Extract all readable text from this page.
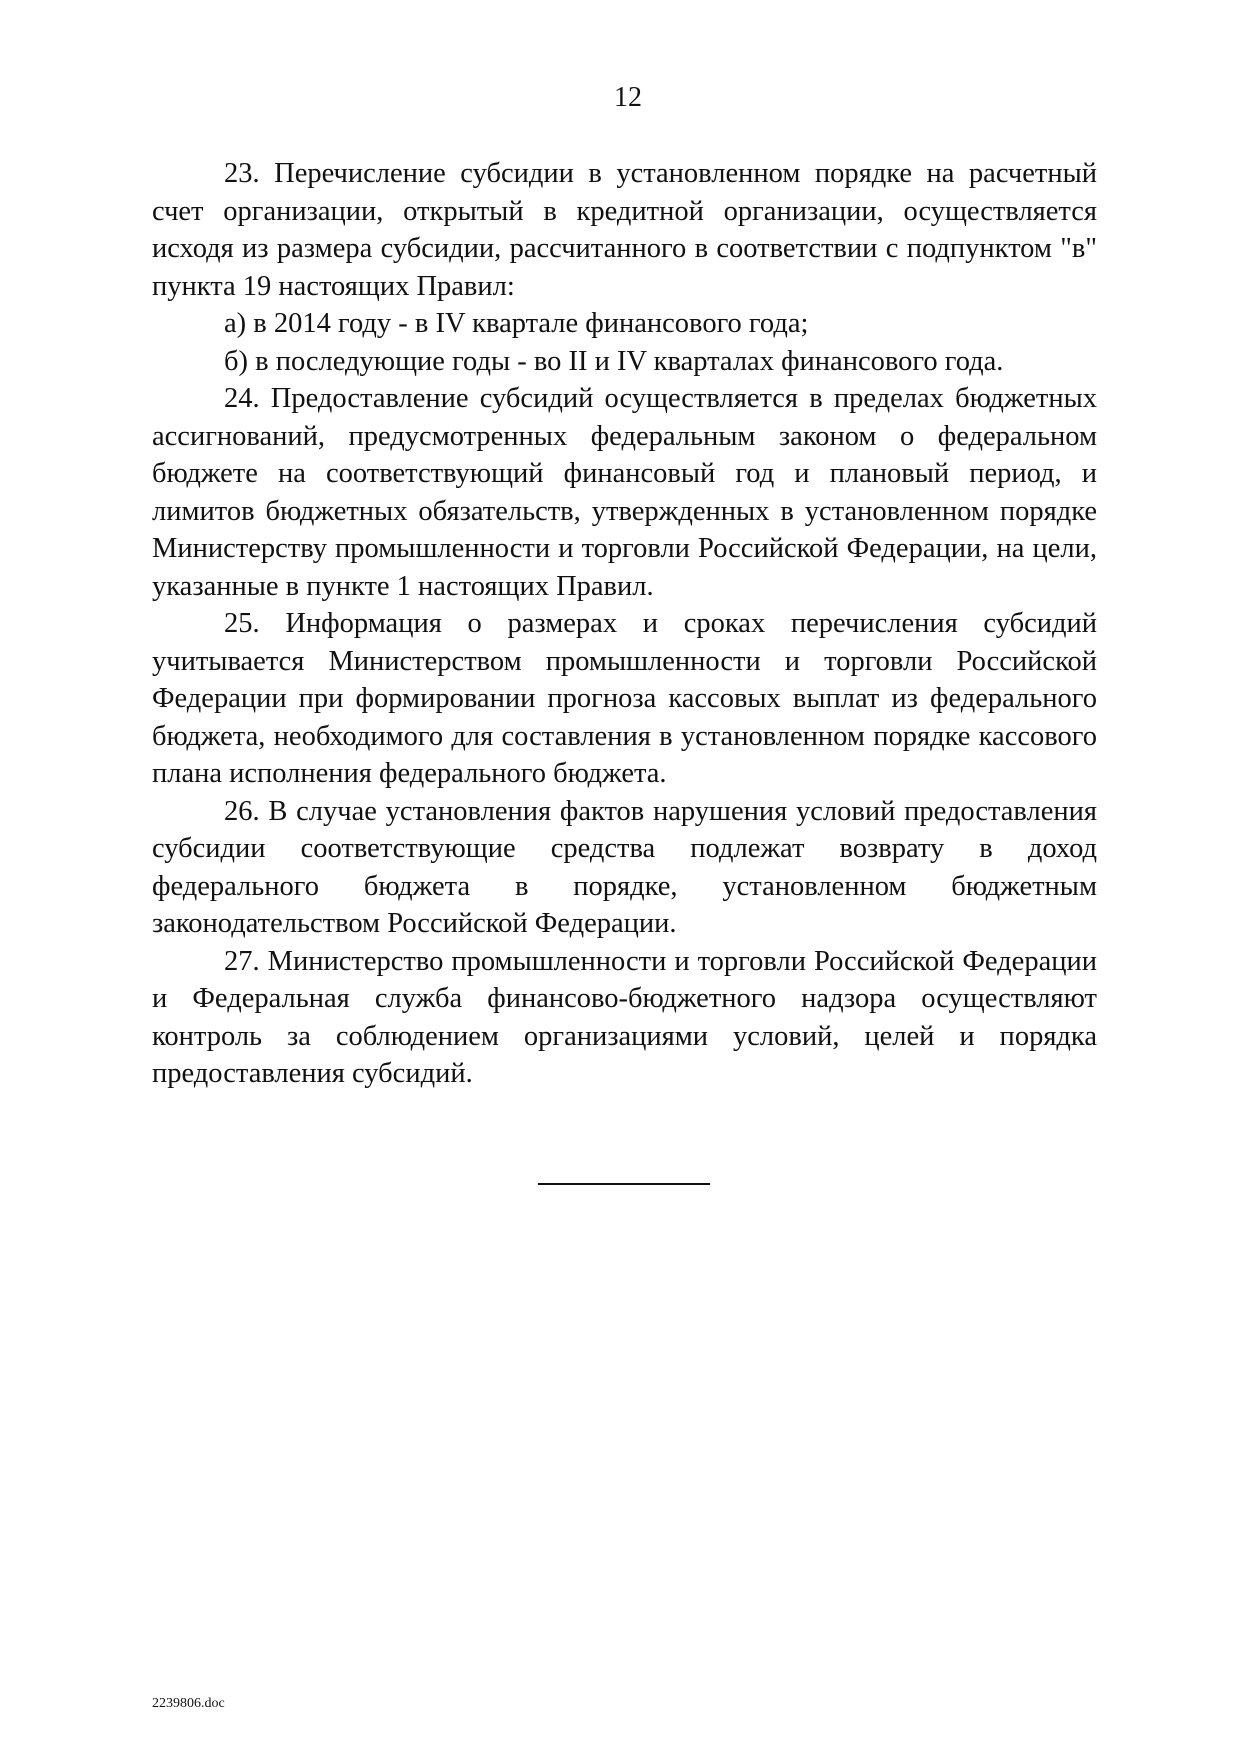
12

23. Перечисление субсидии в установленном порядке на расчетный счет организации, открытый в кредитной организации, осуществляется исходя из размера субсидии, рассчитанного в соответствии с подпунктом "в" пункта 19 настоящих Правил:

а) в 2014 году - в IV квартале финансового года;

б) в последующие годы - во II и IV кварталах финансового года.

24. Предоставление субсидий осуществляется в пределах бюджетных ассигнований, предусмотренных федеральным законом о федеральном бюджете на соответствующий финансовый год и плановый период, и лимитов бюджетных обязательств, утвержденных в установленном порядке Министерству промышленности и торговли Российской Федерации, на цели, указанные в пункте 1 настоящих Правил.

25. Информация о размерах и сроках перечисления субсидий учитывается Министерством промышленности и торговли Российской Федерации при формировании прогноза кассовых выплат из федерального бюджета, необходимого для составления в установленном порядке кассового плана исполнения федерального бюджета.

26. В случае установления фактов нарушения условий предоставления субсидии соответствующие средства подлежат возврату в доход федерального бюджета в порядке, установленном бюджетным законодательством Российской Федерации.

27. Министерство промышленности и торговли Российской Федерации и Федеральная служба финансово-бюджетного надзора осуществляют контроль за соблюдением организациями условий, целей и порядка предоставления субсидий.

2239806.doc
